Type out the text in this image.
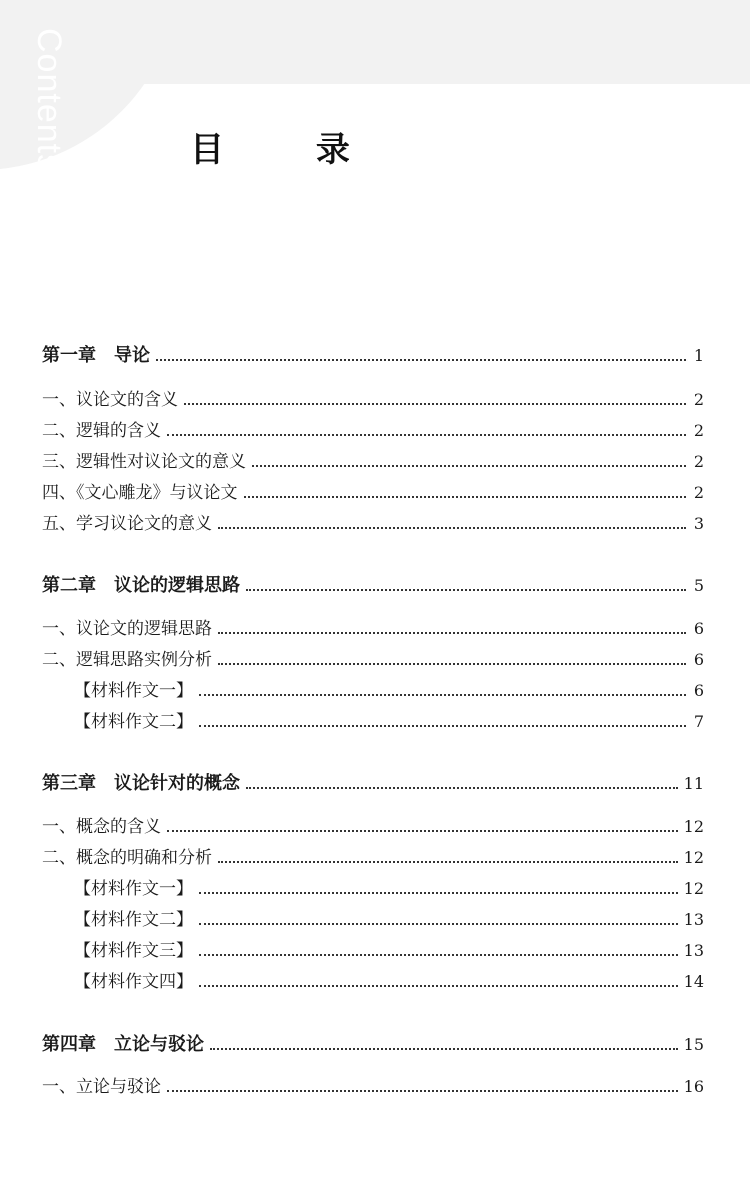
Contents	目 录
第一章　导论	1
一、议论文的含义	2
二、逻辑的含义	2
三、逻辑性对议论文的意义	2
四、《文心雕龙》与议论文	2
五、学习议论文的意义	3
第二章　议论的逻辑思路	5
一、议论文的逻辑思路	6
二、逻辑思路实例分析	6
【材料作文一】	6
【材料作文二】	7
第三章　议论针对的概念	11
一、概念的含义	12
二、概念的明确和分析	12
【材料作文一】	12
【材料作文二】	13
【材料作文三】	13
【材料作文四】	14
第四章　立论与驳论	15
一、立论与驳论	16
